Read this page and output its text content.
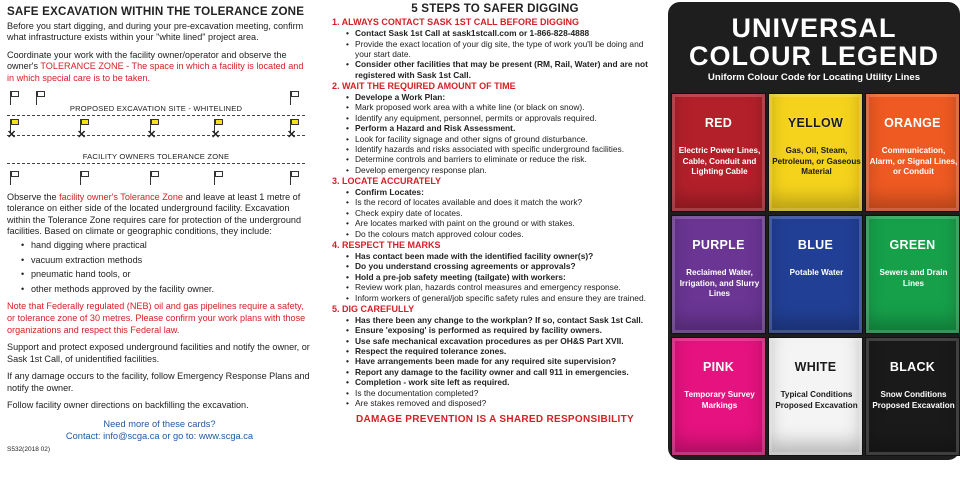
SAFE EXCAVATION WITHIN THE TOLERANCE ZONE

Before you start digging, and during your pre-excavation meeting, confirm what infrastructure exists within your "white lined" project area.

Coordinate your work with the facility owner/operator and observe the owner's TOLERANCE ZONE - The space in which a facility is located and in which special care is to be taken.

PROPOSED EXCAVATION SITE - WHITELINED
✕	✕	✕	✕	✕
FACILITY OWNERS TOLERANCE ZONE

Observe the facility owner's Tolerance Zone and leave at least 1 metre of tolerance on either side of the located underground facility. Excavation within the Tolerance Zone requires care for protection of the underground facilities. Based on climate or geographic conditions, they include:

• hand digging where practical
• vacuum extraction methods
• pneumatic hand tools, or
• other methods approved by the facility owner.

Note that Federally regulated (NEB) oil and gas pipelines require a safety, or tolerance zone of 30 metres. Please confirm your work plans with those organizations and respect this Federal law.

Support and protect exposed underground facilities and notify the owner, or Sask 1st Call, of unidentified facilities.

If any damage occurs to the facility, follow Emergency Response Plans and notify the owner.

Follow facility owner directions on backfilling the excavation.

Need more of these cards?
Contact: info@scga.ca or go to: www.scga.ca
S532(2018 02)
5 STEPS TO SAFER DIGGING
1. ALWAYS CONTACT SASK 1ST CALL BEFORE DIGGING
• Contact Sask 1st Call at sask1stcall.com or 1-866-828-4888
• Provide the exact location of your dig site, the type of work you'll be doing and your start date.
• Consider other facilities that may be present (RM, Rail, Water) and are not registered with Sask 1st Call.
2. WAIT THE REQUIRED AMOUNT OF TIME
• Develope a Work Plan:
• Mark proposed work area with a white line (or black on snow).
• Identify any equipment, personnel, permits or approvals required.
• Perform a Hazard and Risk Assessment.
• Look for facility signage and other signs of ground disturbance.
• Identify hazards and risks associated with specific underground facilities.
• Determine controls and barriers to eliminate or reduce the risk.
• Develop emergency response plan.
3. LOCATE ACCURATELY
• Confirm Locates:
• Is the record of locates available and does it match the work?
• Check expiry date of locates.
• Are locates marked with paint on the ground or with stakes.
• Do the colours match approved colour codes.
4. RESPECT THE MARKS
• Has contact been made with the identified facility owner(s)?
• Do you understand crossing agreements or approvals?
• Hold a pre-job safety meeting (tailgate) with workers:
• Review work plan, hazards control measures and emergency response.
• Inform workers of general/job specific safety rules and ensure they are trained.
5. DIG CAREFULLY
• Has there been any change to the workplan? If so, contact Sask 1st Call.
• Ensure 'exposing' is performed as required by facility owners.
• Use safe mechanical excavation procedures as per OH&S Part XVII.
• Respect the required tolerance zones.
• Have arrangements been made for any required site supervision?
• Report any damage to the facility owner and call 911 in emergencies.
• Completion - work site left as required.
• Is the documentation completed?
• Are stakes removed and disposed?
DAMAGE PREVENTION IS A SHARED RESPONSIBILITY
UNIVERSAL
COLOUR LEGEND
Uniform Colour Code for Locating Utility Lines
RED
Electric Power Lines, Cable, Conduit and Lighting Cable
YELLOW
Gas, Oil, Steam, Petroleum, or Gaseous Material
ORANGE
Communication, Alarm, or Signal Lines, or Conduit
PURPLE
Reclaimed Water, Irrigation, and Slurry Lines
BLUE
Potable Water
GREEN
Sewers and Drain Lines
PINK
Temporary Survey Markings
WHITE
Typical Conditions Proposed Excavation
BLACK
Snow Conditions Proposed Excavation
